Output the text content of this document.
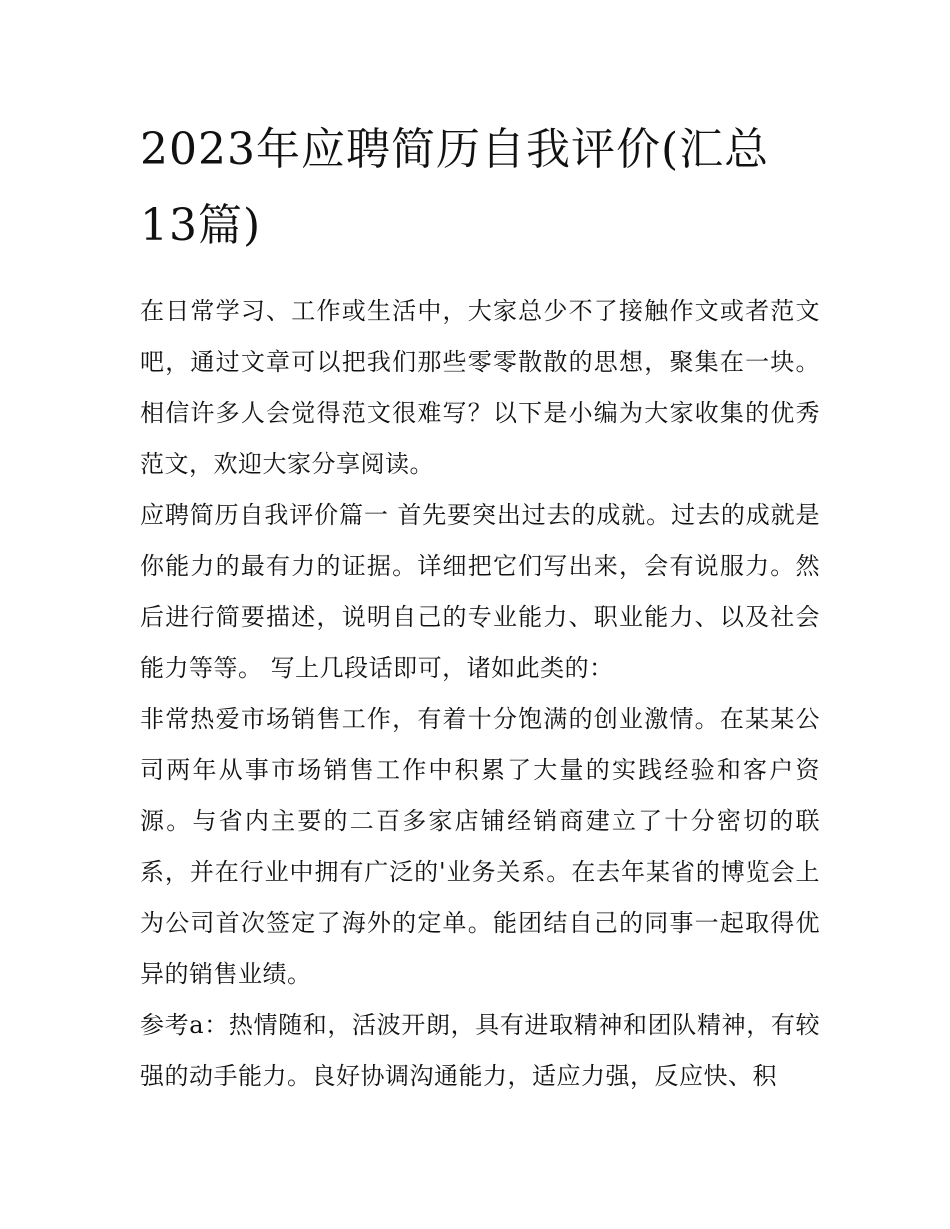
2023年应聘简历自我评价(汇总13篇)

在日常学习、工作或生活中，大家总少不了接触作文或者范文吧，通过文章可以把我们那些零零散散的思想，聚集在一块。相信许多人会觉得范文很难写？以下是小编为大家收集的优秀范文，欢迎大家分享阅读。

应聘简历自我评价篇一 首先要突出过去的成就。过去的成就是你能力的最有力的证据。详细把它们写出来，会有说服力。然后进行简要描述，说明自己的专业能力、职业能力、以及社会能力等等。 写上几段话即可，诸如此类的：

非常热爱市场销售工作，有着十分饱满的创业激情。在某某公司两年从事市场销售工作中积累了大量的实践经验和客户资源。与省内主要的二百多家店铺经销商建立了十分密切的联系，并在行业中拥有广泛的'业务关系。在去年某省的博览会上为公司首次签定了海外的定单。能团结自己的同事一起取得优异的销售业绩。

参考a：热情随和，活波开朗，具有进取精神和团队精神，有较强的动手能力。良好协调沟通能力，适应力强，反应快、积
